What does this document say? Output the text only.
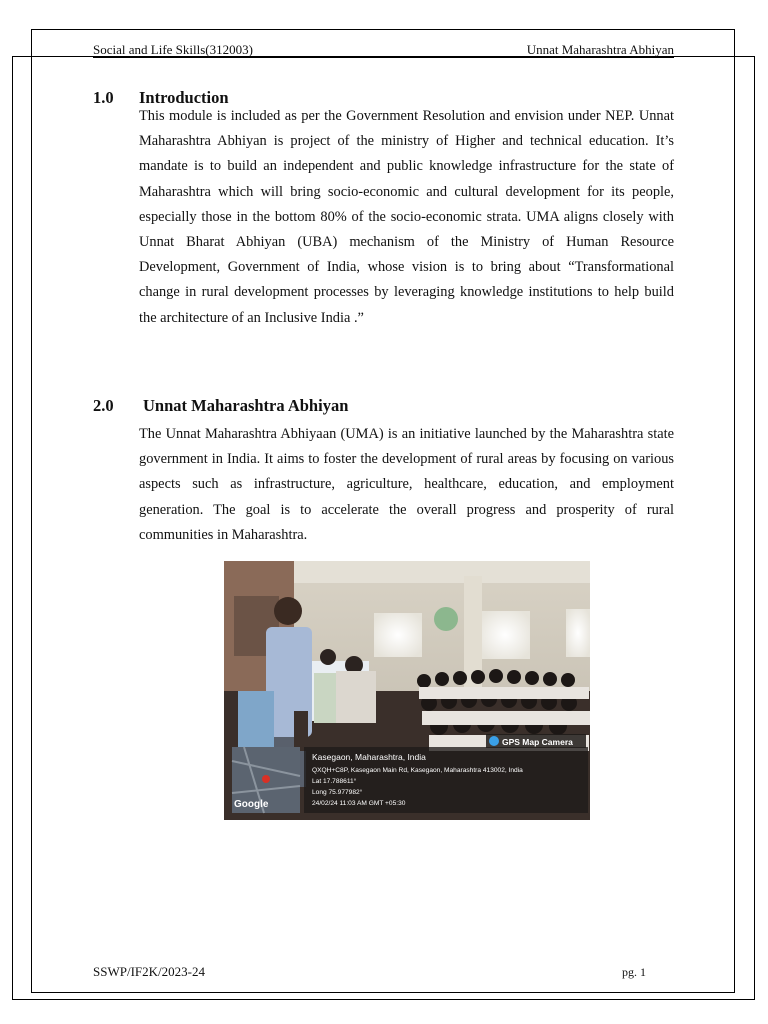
Social and Life Skills(312003)	Unnat Maharashtra Abhiyan
1.0 Introduction

This module is included as per the Government Resolution and envision under NEP. Unnat Maharashtra Abhiyan is project of the ministry of Higher and technical education. It’s mandate is to build an independent and public knowledge infrastructure for the state of Maharashtra which will bring socio-economic and cultural development for its people, especially those in the bottom 80% of the socio-economic strata. UMA aligns closely with Unnat Bharat Abhiyan (UBA) mechanism of the Ministry of Human Resource Development, Government of India, whose vision is to bring about “Transformational change in rural development processes by leveraging knowledge institutions to help build the architecture of an Inclusive India .”

2.0 Unnat Maharashtra Abhiyan

The Unnat Maharashtra Abhiyaan (UMA) is an initiative launched by the Maharashtra state government in India. It aims to foster the development of rural areas by focusing on various aspects such as infrastructure, agriculture, healthcare, education, and employment generation. The goal is to accelerate the overall progress and prosperity of rural communities in Maharashtra.

Google
GPS Map Camera
Kasegaon, Maharashtra, India
QXQH+C8P, Kasegaon Main Rd, Kasegaon, Maharashtra 413002, India
Lat 17.788611°
Long 75.977982°
24/02/24 11:03 AM GMT +05:30
SSWP/IF2K/2023-24	pg. 1
